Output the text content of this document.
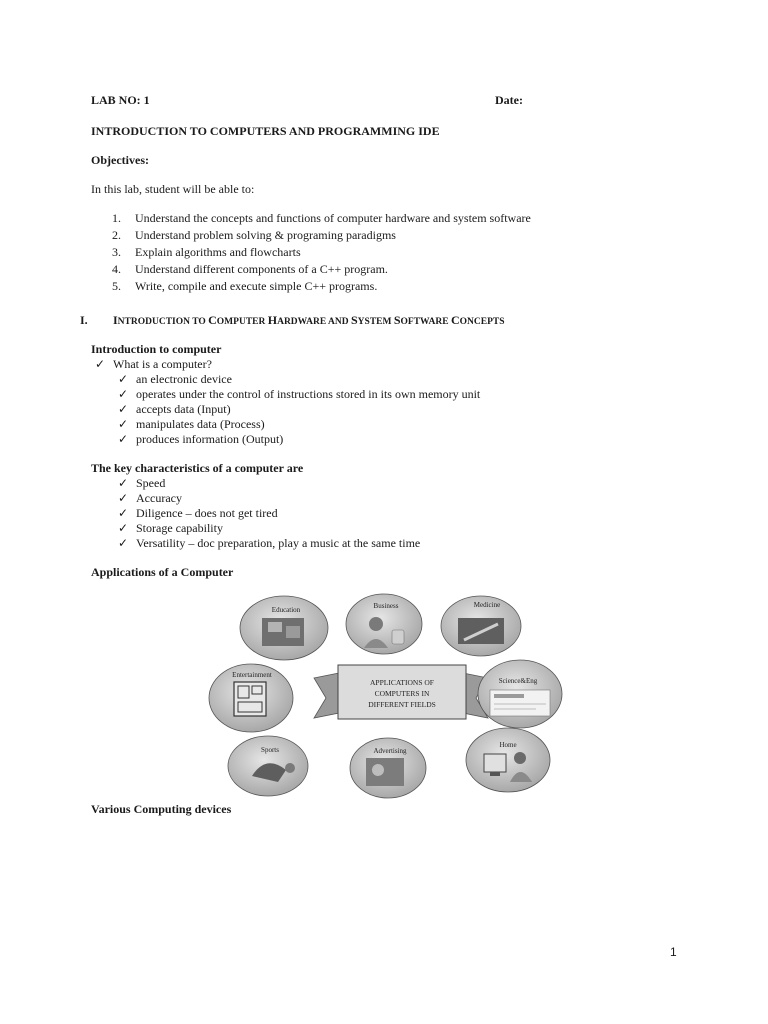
LAB NO: 1	Date:
INTRODUCTION TO COMPUTERS AND PROGRAMMING IDE
Objectives:
In this lab, student will be able to:
1. Understand the concepts and functions of computer hardware and system software
2. Understand problem solving & programing paradigms
3. Explain algorithms and flowcharts
4. Understand different components of a C++ program.
5. Write, compile and execute simple C++ programs.
I. INTRODUCTION TO COMPUTER HARDWARE AND SYSTEM SOFTWARE CONCEPTS
Introduction to computer
✓ What is a computer?
✓ an electronic device
✓ operates under the control of instructions stored in its own memory unit
✓ accepts data (Input)
✓ manipulates data (Process)
✓ produces information (Output)
The key characteristics of a computer are
✓ Speed
✓ Accuracy
✓ Diligence – does not get tired
✓ Storage capability
✓ Versatility – doc preparation, play a music at the same time
Applications of a Computer
APPLICATIONS OF
COMPUTERS IN
DIFFERENT FIELDS
Education	Business	Medicine
Entertainment
Science&Eng
Sports	Advertising
Home
Various Computing devices
1
